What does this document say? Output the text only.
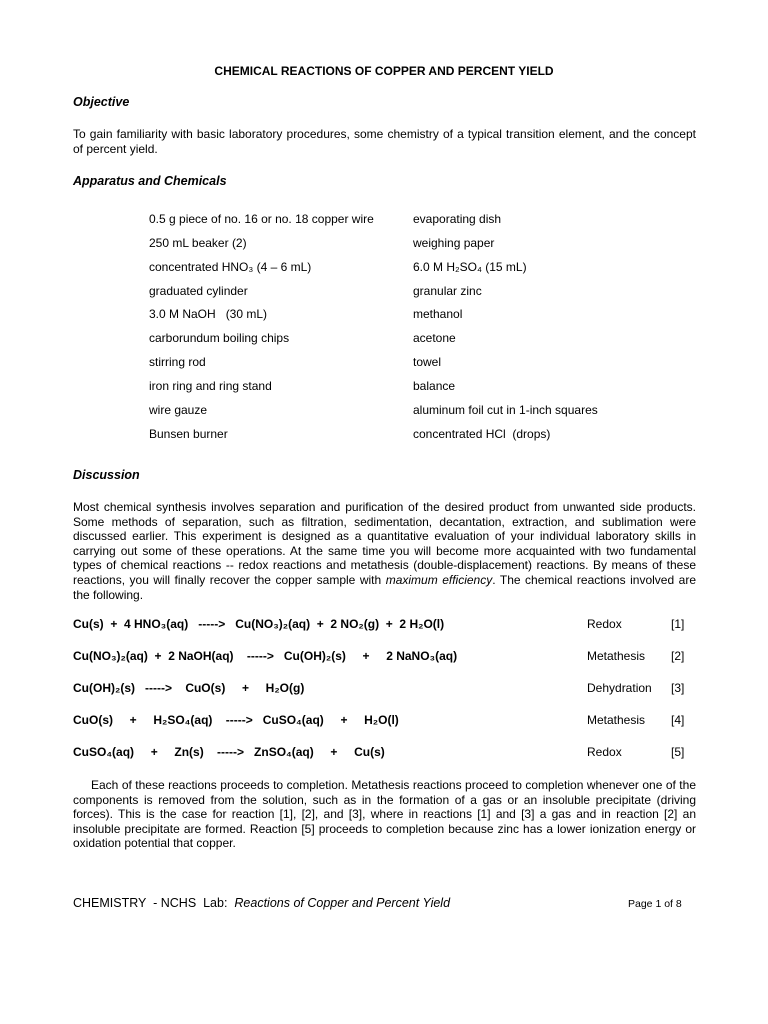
CHEMICAL REACTIONS OF COPPER AND PERCENT YIELD
Objective
To gain familiarity with basic laboratory procedures, some chemistry of a typical transition element, and the concept of percent yield.
Apparatus and Chemicals
0.5 g piece of no. 16 or no. 18 copper wire	evaporating dish
250 mL beaker (2)	weighing paper
concentrated HNO₃ (4 – 6 mL)	6.0 M H₂SO₄ (15 mL)
graduated cylinder	granular zinc
3.0 M NaOH   (30 mL)	methanol
carborundum boiling chips	acetone
stirring rod	towel
iron ring and ring stand	balance
wire gauze	aluminum foil cut in 1-inch squares
Bunsen burner	concentrated HCl  (drops)
Discussion
Most chemical synthesis involves separation and purification of the desired product from unwanted side products. Some methods of separation, such as filtration, sedimentation, decantation, extraction, and sublimation were discussed earlier. This experiment is designed as a quantitative evaluation of your individual laboratory skills in carrying out some of these operations. At the same time you will become more acquainted with two fundamental types of chemical reactions -- redox reactions and metathesis (double-displacement) reactions. By means of these reactions, you will finally recover the copper sample with maximum efficiency. The chemical reactions involved are the following.
Cu(s)  +  4 HNO₃(aq)   ----->   Cu(NO₃)₂(aq)  +  2 NO₂(g)  +  2 H₂O(l)	Redox	[1]
Cu(NO₃)₂(aq)  +  2 NaOH(aq)    ----->   Cu(OH)₂(s)     +     2 NaNO₃(aq)	Metathesis [2]
Cu(OH)₂(s)   ----->    CuO(s)     +     H₂O(g)	Dehydration [3]
CuO(s)     +     H₂SO₄(aq)    ----->   CuSO₄(aq)     +     H₂O(l)	Metathesis [4]
CuSO₄(aq)     +     Zn(s)    ----->   ZnSO₄(aq)     +     Cu(s)	Redox	[5]
Each of these reactions proceeds to completion. Metathesis reactions proceed to completion whenever one of the components is removed from the solution, such as in the formation of a gas or an insoluble precipitate (driving forces). This is the case for reaction [1], [2], and [3], where in reactions [1] and [3] a gas and in reaction [2] an insoluble precipitate are formed. Reaction [5] proceeds to completion because zinc has a lower ionization energy or oxidation potential that copper.
CHEMISTRY  - NCHS  Lab:  Reactions of Copper and Percent Yield	Page 1 of 8
